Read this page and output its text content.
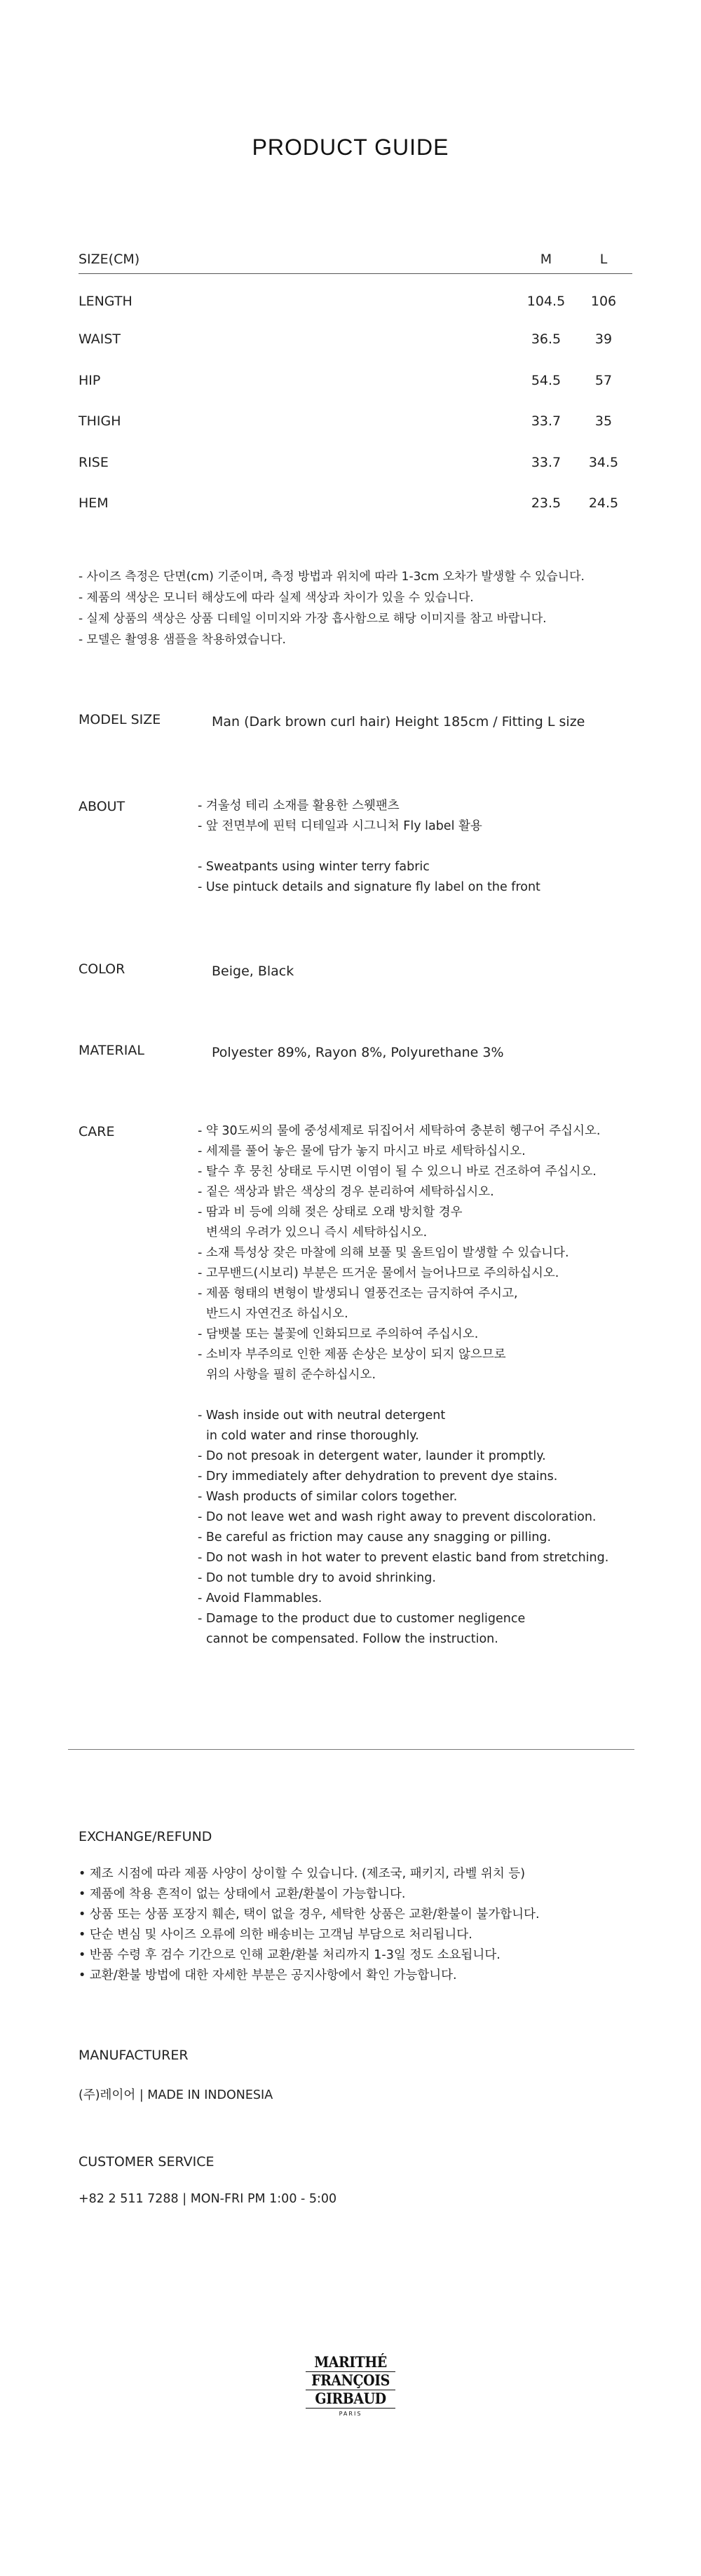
PRODUCT GUIDE
SIZE(CM)	M	L
LENGTH	104.5	106
WAIST	36.5	39
HIP	54.5	57
THIGH	33.7	35
RISE	33.7	34.5
HEM	23.5	24.5
- 사이즈 측정은 단면(cm) 기준이며, 측정 방법과 위치에 따라 1-3cm 오차가 발생할 수 있습니다.
- 제품의 색상은 모니터 해상도에 따라 실제 색상과 차이가 있을 수 있습니다.
- 실제 상품의 색상은 상품 디테일 이미지와 가장 흡사함으로 해당 이미지를 참고 바랍니다.
- 모델은 촬영용 샘플을 착용하였습니다.
MODEL SIZE	Man (Dark brown curl hair) Height 185cm / Fitting L size
ABOUT	- 겨울성 테리 소재를 활용한 스웻팬츠

- 앞 전면부에 핀턱 디테일과 시그니처 Fly label 활용

- Sweatpants using winter terry fabric

- Use pintuck details and signature fly label on the front

COLOR	Beige, Black
MATERIAL	Polyester 89%, Rayon 8%, Polyurethane 3%
CARE	- 약 30도씨의 물에 중성세제로 뒤집어서 세탁하여 충분히 헹구어 주십시오.

- 세제를 풀어 놓은 물에 담가 놓지 마시고 바로 세탁하십시오.

- 탈수 후 뭉친 상태로 두시면 이염이 될 수 있으니 바로 건조하여 주십시오.

- 짙은 색상과 밝은 색상의 경우 분리하여 세탁하십시오.

- 땀과 비 등에 의해 젖은 상태로 오래 방치할 경우

변색의 우려가 있으니 즉시 세탁하십시오.

- 소재 특성상 잦은 마찰에 의해 보풀 및 올트임이 발생할 수 있습니다.

- 고무밴드(시보리) 부분은 뜨거운 물에서 늘어나므로 주의하십시오.

- 제품 형태의 변형이 발생되니 열풍건조는 금지하여 주시고,

반드시 자연건조 하십시오.

- 담뱃불 또는 불꽃에 인화되므로 주의하여 주십시오.

- 소비자 부주의로 인한 제품 손상은 보상이 되지 않으므로

위의 사항을 필히 준수하십시오.

- Wash inside out with neutral detergent

in cold water and rinse thoroughly.

- Do not presoak in detergent water, launder it promptly.

- Dry immediately after dehydration to prevent dye stains.

- Wash products of similar colors together.

- Do not leave wet and wash right away to prevent discoloration.

- Be careful as friction may cause any snagging or pilling.

- Do not wash in hot water to prevent elastic band from stretching.

- Do not tumble dry to avoid shrinking.

- Avoid Flammables.

- Damage to the product due to customer negligence

cannot be compensated. Follow the instruction.

EXCHANGE/REFUND
• 제조 시점에 따라 제품 사양이 상이할 수 있습니다. (제조국, 패키지, 라벨 위치 등)
• 제품에 착용 흔적이 없는 상태에서 교환/환불이 가능합니다.
• 상품 또는 상품 포장지 훼손, 택이 없을 경우, 세탁한 상품은 교환/환불이 불가합니다.
• 단순 변심 및 사이즈 오류에 의한 배송비는 고객님 부담으로 처리됩니다.
• 반품 수령 후 검수 기간으로 인해 교환/환불 처리까지 1-3일 정도 소요됩니다.
• 교환/환불 방법에 대한 자세한 부분은 공지사항에서 확인 가능합니다.
MANUFACTURER
(주)레이어 | MADE IN INDONESIA
CUSTOMER SERVICE
+82 2 511 7288 | MON-FRI PM 1:00 - 5:00
MARITHÉ
FRANÇOIS
GIRBAUD
PARIS
